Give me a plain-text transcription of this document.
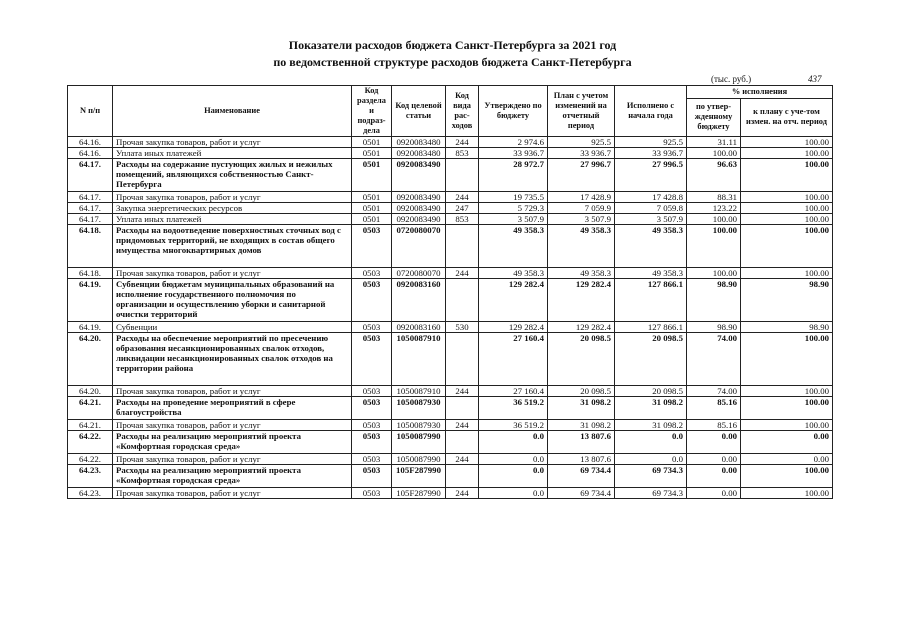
Показатели расходов бюджета Санкт-Петербурга за 2021 год
по ведомственной структуре расходов бюджета Санкт-Петербурга
(тыс. руб.)	437
N п/п	Наименование	Код раздела и подраз-дела	Код целевой статьи	Код вида рас-ходов	Утверждено по бюджету	План с учетом изменений на отчетный период	Исполнено с начала года	% исполнения	
								по утвер-жденному бюджету	к плану с уче-том измен. на отч. период
64.16.	Прочая закупка товаров, работ и услуг	0501	0920083480	244	2 974.6	925.5	925.5	31.11	100.00
64.16.	Уплата иных платежей	0501	0920083480	853	33 936.7	33 936.7	33 936.7	100.00	100.00
64.17.	Расходы на содержание пустующих жилых и нежилых помещений, являющихся собственностью Санкт-Петербурга	0501	0920083490		28 972.7	27 996.7	27 996.5	96.63	100.00
64.17.	Прочая закупка товаров, работ и услуг	0501	0920083490	244	19 735.5	17 428.9	17 428.8	88.31	100.00
64.17.	Закупка энергетических ресурсов	0501	0920083490	247	5 729.3	7 059.9	7 059.8	123.22	100.00
64.17.	Уплата иных платежей	0501	0920083490	853	3 507.9	3 507.9	3 507.9	100.00	100.00
64.18.	Расходы на водоотведение поверхностных сточных вод с придомовых территорий, не входящих в состав общего имущества многоквартирных домов	0503	0720080070		49 358.3	49 358.3	49 358.3	100.00	100.00
64.18.	Прочая закупка товаров, работ и услуг	0503	0720080070	244	49 358.3	49 358.3	49 358.3	100.00	100.00
64.19.	Субвенции бюджетам муниципальных образований на исполнение государственного полномочия по организации и осуществлению уборки и санитарной очистки территорий	0503	0920083160		129 282.4	129 282.4	127 866.1	98.90	98.90
64.19.	Субвенции	0503	0920083160	530	129 282.4	129 282.4	127 866.1	98.90	98.90
64.20.	Расходы на обеспечение мероприятий по пресечению образования несанкционированных свалок отходов, ликвидации несанкционированных свалок отходов на территории района	0503	1050087910		27 160.4	20 098.5	20 098.5	74.00	100.00
64.20.	Прочая закупка товаров, работ и услуг	0503	1050087910	244	27 160.4	20 098.5	20 098.5	74.00	100.00
64.21.	Расходы на проведение мероприятий в сфере благоустройства	0503	1050087930		36 519.2	31 098.2	31 098.2	85.16	100.00
64.21.	Прочая закупка товаров, работ и услуг	0503	1050087930	244	36 519.2	31 098.2	31 098.2	85.16	100.00
64.22.	Расходы на реализацию мероприятий проекта «Комфортная городская среда»	0503	1050087990		0.0	13 807.6	0.0	0.00	0.00
64.22.	Прочая закупка товаров, работ и услуг	0503	1050087990	244	0.0	13 807.6	0.0	0.00	0.00
64.23.	Расходы на реализацию мероприятий проекта «Комфортная городская среда»	0503	105F287990		0.0	69 734.4	69 734.3	0.00	100.00
64.23.	Прочая закупка товаров, работ и услуг	0503	105F287990	244	0.0	69 734.4	69 734.3	0.00	100.00
